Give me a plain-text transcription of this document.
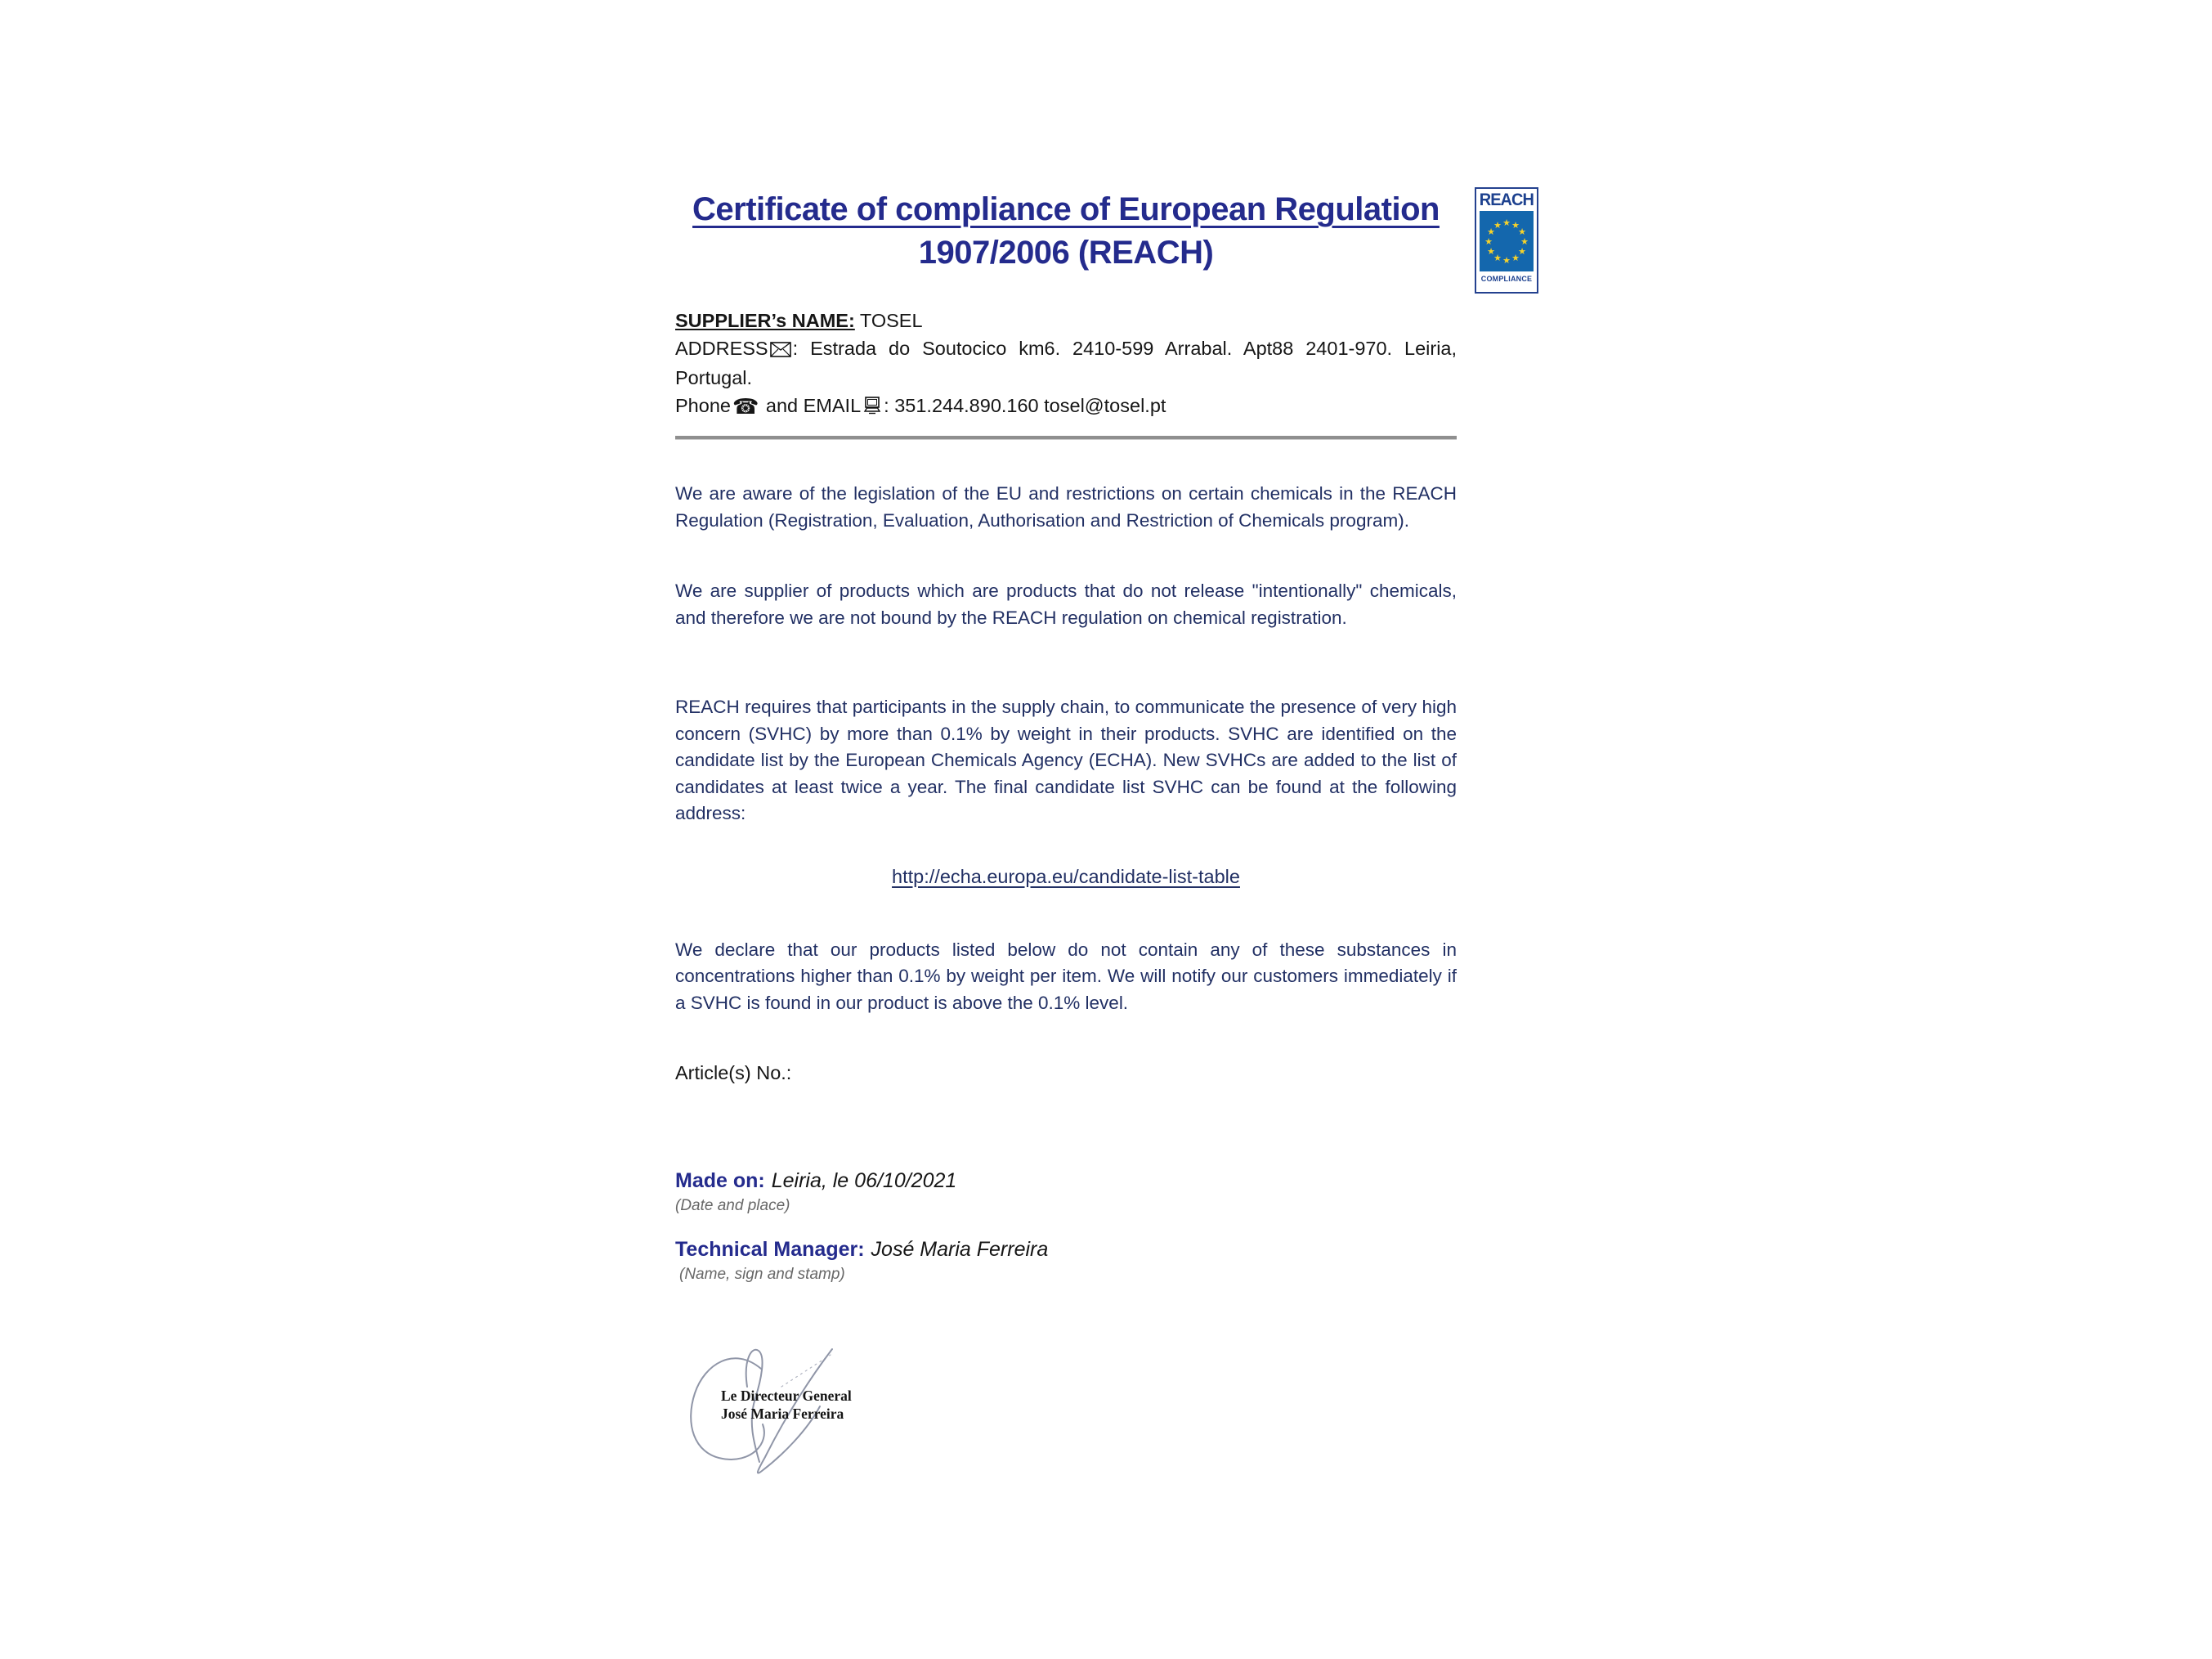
Certificate of compliance of European Regulation
1907/2006 (REACH)

SUPPLIER’s NAME: TOSEL

ADDRESS : Estrada do Soutocico km6. 2410-599 Arrabal. Apt88 2401-970. Leiria, Portugal.

Phone☎ and EMAIL : 351.244.890.160 tosel@tosel.pt

We are aware of the legislation of the EU and restrictions on certain chemicals in the REACH Regulation (Registration, Evaluation, Authorisation and Restriction of Chemicals program).

We are supplier of products which are products that do not release "intentionally" chemicals, and therefore we are not bound by the REACH regulation on chemical registration.

REACH requires that participants in the supply chain, to communicate the presence of very high concern (SVHC) by more than 0.1% by weight in their products. SVHC are identified on the candidate list by the European Chemicals Agency (ECHA). New SVHCs are added to the list of candidates at least twice a year. The final candidate list SVHC can be found at the following address:

http://echa.europa.eu/candidate-list-table

We declare that our products listed below do not contain any of these substances in concentrations higher than 0.1% by weight per item. We will notify our customers immediately if a SVHC is found in our product is above the 0.1% level.

Article(s) No.:

Made on: Leiria, le 06/10/2021

(Date and place)

Technical Manager: José Maria Ferreira

(Name, sign and stamp)

Le Directeur General
José Maria Ferreira
REACH
★ ★
★
★
★
★
★
★
★
★
★
★
COMPLIANCE
